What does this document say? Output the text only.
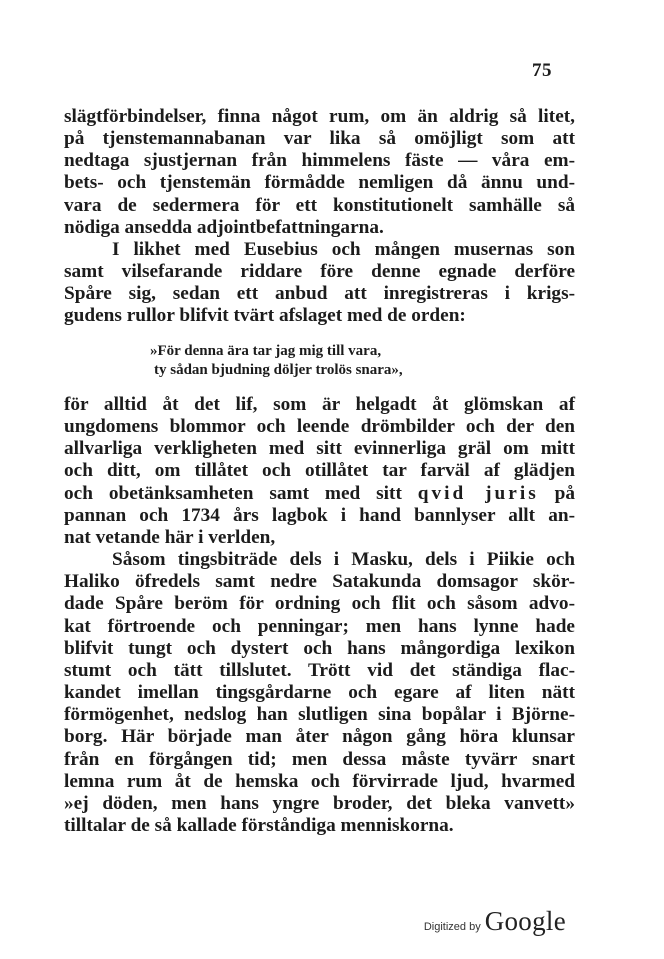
75
slägtförbindelser, finna något rum, om än aldrig så litet,
på tjenstemannabanan var lika så omöjligt som att
nedtaga sjustjernan från himmelens fäste — våra em-
bets- och tjenstemän förmådde nemligen då ännu und-
vara de sedermera för ett konstitutionelt samhälle så
nödiga ansedda adjointbefattningarna.
I likhet med Eusebius och mången musernas son
samt vilsefarande riddare före denne egnade derföre
Spåre sig, sedan ett anbud att inregistreras i krigs-
gudens rullor blifvit tvärt afslaget med de orden:
»För denna ära tar jag mig till vara,
ty sådan bjudning döljer trolös snara»,
för alltid åt det lif, som är helgadt åt glömskan af
ungdomens blommor och leende drömbilder och der den
allvarliga verkligheten med sitt evinnerliga gräl om mitt
och ditt, om tillåtet och otillåtet tar farväl af glädjen
och obetänksamheten samt med sitt qvid juris på
pannan och 1734 års lagbok i hand bannlyser allt an-
nat vetande här i verlden,
Såsom tingsbiträde dels i Masku, dels i Piikie och
Haliko öfredels samt nedre Satakunda domsagor skör-
dade Spåre beröm för ordning och flit och såsom advo-
kat förtroende och penningar; men hans lynne hade
blifvit tungt och dystert och hans mångordiga lexikon
stumt och tätt tillslutet. Trött vid det ständiga flac-
kandet imellan tingsgårdarne och egare af liten nätt
förmögenhet, nedslog han slutligen sina bopålar i Björne-
borg. Här började man åter någon gång höra klunsar
från en förgången tid; men dessa måste tyvärr snart
lemna rum åt de hemska och förvirrade ljud, hvarmed
»ej döden, men hans yngre broder, det bleka vanvett»
tilltalar de så kallade förståndiga menniskorna.
Digitized by Google
